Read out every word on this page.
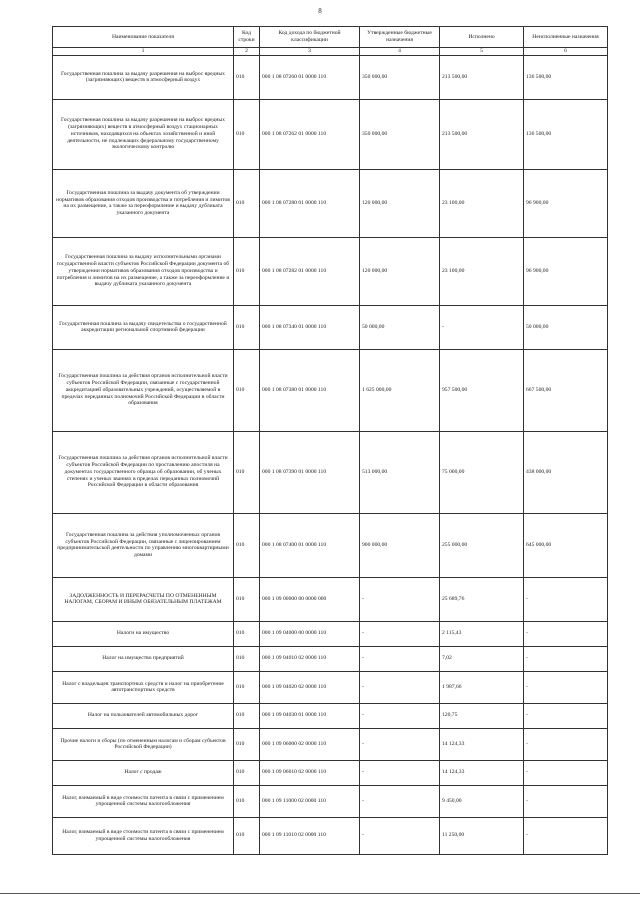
8
Наименование показателя	Код строки	Код дохода по бюджетной классификации	Утвержденные бюджетные назначения	Исполнено	Неисполненные назначения
1	2	3	4	5	6
Государственная пошлина за выдачу разрешения на выброс вредных (загрязняющих) веществ в атмосферный воздух	010	000 1 08 07260 01 0000 110	350 000,00	213 500,00	136 500,00
Государственная пошлина за выдачу разрешения на выброс вредных (загрязняющих) веществ в атмосферный воздух стационарных источников, находящихся на объектах хозяйственной и иной деятельности, не подлежащих федеральному государственному экологическому контролю	010	000 1 08 07262 01 0000 110	350 000,00	213 500,00	136 500,00
Государственная пошлина за выдачу документа об утверждении нормативов образования отходов производства и потребления и лимитов на их размещение, а также за переоформление и выдачу дубликата указанного документа	010	000 1 08 07280 01 0000 110	120 000,00	23 100,00	96 900,00
Государственная пошлина за выдачу исполнительными органами государственной власти субъектов Российской Федерации документа об утверждении нормативов образования отходов производства и потребления и лимитов на их размещение, а также за переоформление и выдачу дубликата указанного документа	010	000 1 08 07282 01 0000 110	120 000,00	23 100,00	96 900,00
Государственная пошлина за выдачу свидетельства о государственной аккредитации региональной спортивной федерации	010	000 1 08 07340 01 0000 110	50 000,00	-	50 000,00
Государственная пошлина за действия органов исполнительной власти субъектов Российской Федерации, связанные с государственной аккредитацией образовательных учреждений, осуществляемой в пределах переданных полномочий Российской Федерации в области образования	010	000 1 08 07380 01 0000 110	1 625 000,00	957 500,00	667 500,00
Государственная пошлина за действия органов исполнительной власти субъектов Российской Федерации по проставлению апостиля на документах государственного образца об образовании, об ученых степенях и ученых званиях в пределах переданных полномочий Российской Федерации в области образования	010	000 1 08 07390 01 0000 110	513 000,00	75 000,00	438 000,00
Государственная пошлина за действия уполномоченных органов субъектов Российской Федерации, связанные с лицензированием предпринимательской деятельности по управлению многоквартирными домами	010	000 1 08 07400 01 0000 110	900 000,00	255 000,00	645 000,00
ЗАДОЛЖЕННОСТЬ И ПЕРЕРАСЧЕТЫ ПО ОТМЕНЕННЫМ НАЛОГАМ, СБОРАМ И ИНЫМ ОБЯЗАТЕЛЬНЫМ ПЛАТЕЖАМ	010	000 1 09 00000 00 0000 000	-	25 689,76	-
Налоги на имущество	010	000 1 09 04000 00 0000 110	-	2 115,43	-
Налог на имущество предприятий	010	000 1 09 04010 02 0000 110	-	7,02	-
Налог с владельцев транспортных средств и налог на приобретение автотранспортных средств	010	000 1 09 04020 02 0000 110	-	1 987,66	-
Налог на пользователей автомобильных дорог	010	000 1 09 04030 01 0000 110	-	120,75	-
Прочие налоги и сборы (по отмененным налогам и сборам субъектов Российской Федерации)	010	000 1 09 06000 02 0000 110	-	14 124,33	-
Налог с продаж	010	000 1 09 06010 02 0000 110	-	14 124,33	-
Налог, взимаемый в виде стоимости патента в связи с применением упрощенной системы налогообложения	010	000 1 09 11000 02 0000 110	-	9 450,00	-
Налог, взимаемый в виде стоимости патента в связи с применением упрощенной системы налогообложения	010	000 1 09 11010 02 0000 110	-	11 250,00	-
